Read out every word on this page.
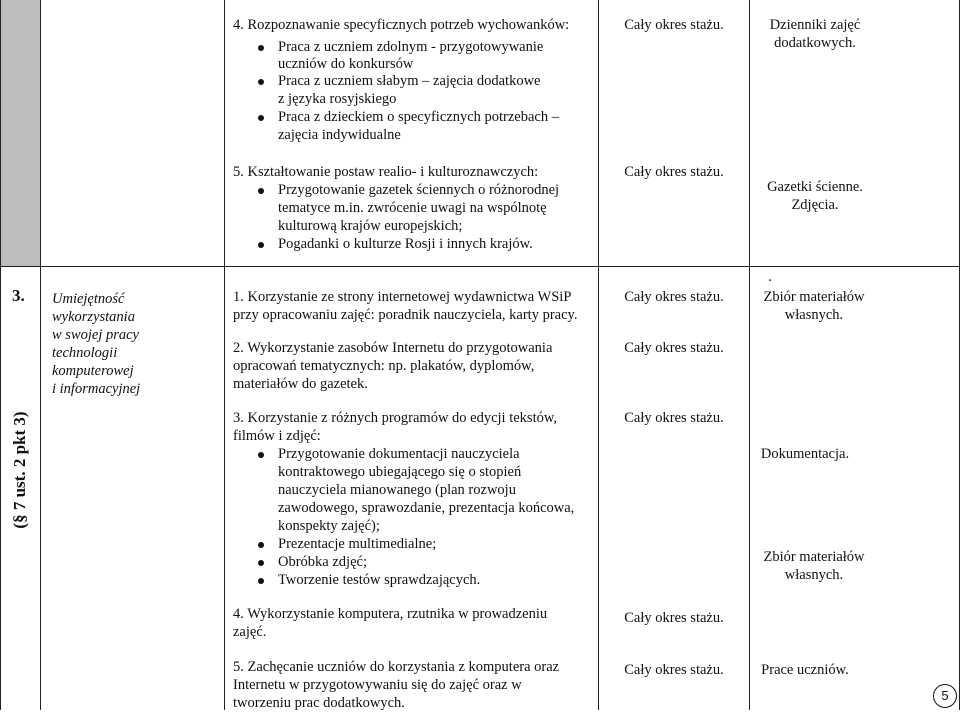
4. Rozpoznawanie specyficznych potrzeb wychowanków:
Praca z uczniem zdolnym - przygotowywanie
uczniów do konkursów
Praca z uczniem słabym – zajęcia dodatkowe
z języka rosyjskiego
Praca z dzieckiem o specyficznych potrzebach –
zajęcia indywidualne
Cały okres stażu.	Dzienniki zajęć
dodatkowych.
5. Kształtowanie postaw realio- i kulturoznawczych:
Przygotowanie gazetek ściennych o różnorodnej
tematyce m.in. zwrócenie uwagi na wspólnotę
kulturową krajów europejskich;
Pogadanki o kulturze Rosji i innych krajów.
Cały okres stażu.
Gazetki ścienne.
Zdjęcia.
3.
(§ 7 ust. 2 pkt 3)
Umiejętność
wykorzystania
w swojej pracy
technologii
komputerowej
i informacyjnej
1. Korzystanie ze strony internetowej wydawnictwa WSiP
przy opracowaniu zajęć: poradnik nauczyciela, karty pracy.
Cały okres stażu.
2. Wykorzystanie zasobów Internetu do przygotowania
opracowań tematycznych: np. plakatów, dyplomów,
materiałów do gazetek.
Cały okres stażu.
3. Korzystanie z różnych programów do edycji tekstów,
filmów i zdjęć:
Przygotowanie dokumentacji nauczyciela
kontraktowego ubiegającego się o stopień
nauczyciela mianowanego (plan rozwoju
zawodowego, sprawozdanie, prezentacja końcowa,
konspekty zajęć);
Prezentacje multimedialne;
Obróbka zdjęć;
Tworzenie testów sprawdzających.
Cały okres stażu.
4. Wykorzystanie komputera, rzutnika w prowadzeniu
zajęć.
Cały okres stażu.
5. Zachęcanie uczniów do korzystania z komputera oraz
Internetu w przygotowywaniu się do zajęć oraz w
tworzeniu prac dodatkowych.
Cały okres stażu.
.
Zbiór materiałów
własnych.
Dokumentacja.
Zbiór materiałów
własnych.
Prace uczniów.
5
